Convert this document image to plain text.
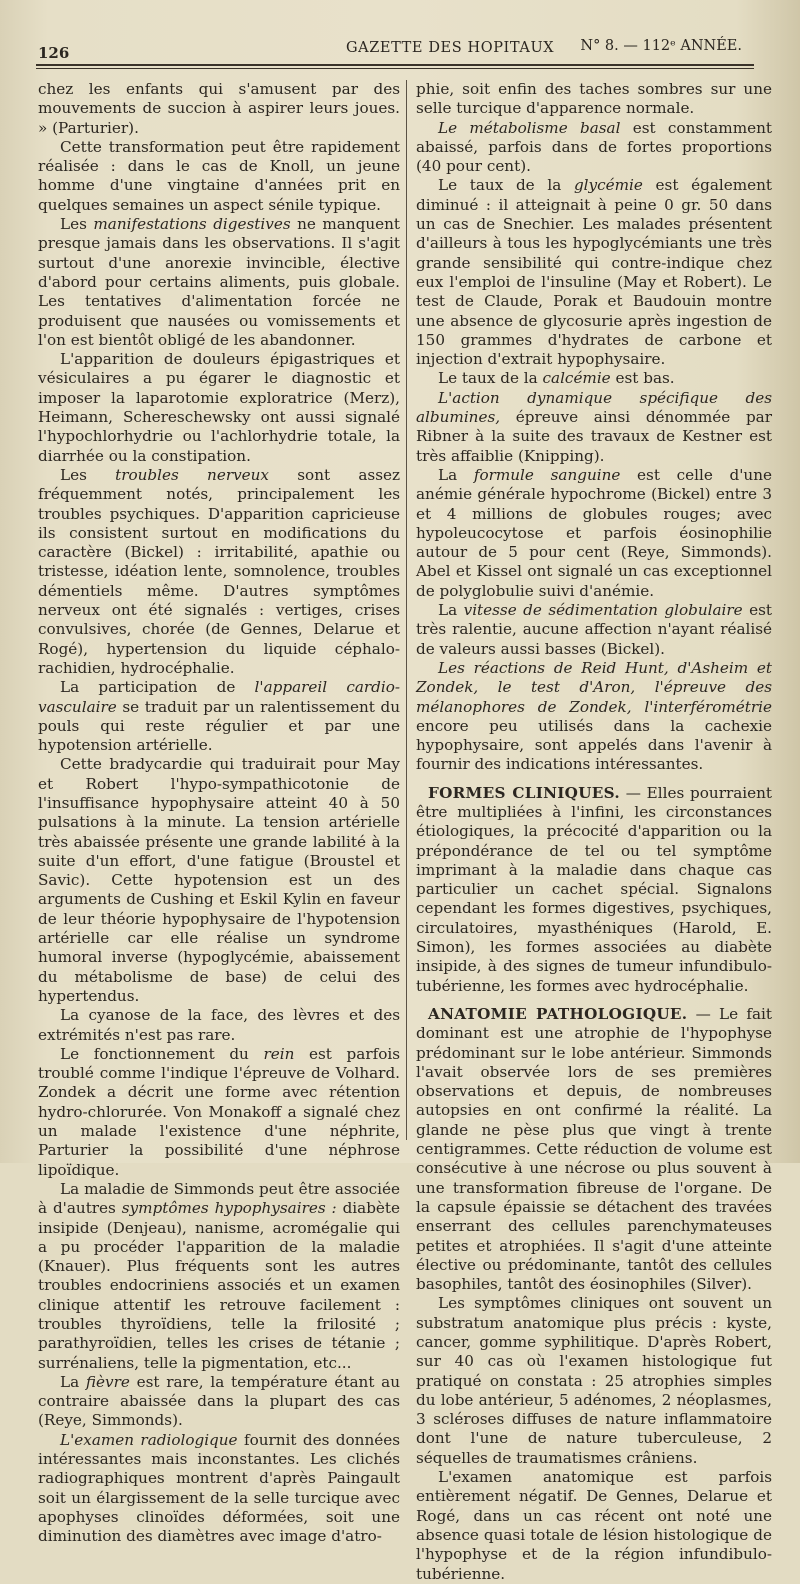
126	GAZETTE DES HOPITAUX N° 8. — 112ᵉ ANNÉE.

chez les enfants qui s'amusent par des mouvements de succion à aspirer leurs joues. » (Parturier).

Cette transformation peut être rapidement réalisée : dans le cas de Knoll, un jeune homme d'une vingtaine d'années prit en quelques semaines un aspect sénile typique.

Les manifestations digestives ne manquent presque jamais dans les observations. Il s'agit surtout d'une anorexie invincible, élective d'abord pour certains aliments, puis globale. Les tentatives d'alimentation forcée ne produisent que nausées ou vomissements et l'on est bientôt obligé de les abandonner.

L'apparition de douleurs épigastriques et vésiculaires a pu égarer le diagnostic et imposer la laparotomie exploratrice (Merz), Heimann, Schereschewsky ont aussi signalé l'hypochlorhydrie ou l'achlorhydrie totale, la diarrhée ou la constipation.

Les troubles nerveux sont assez fréquemment notés, principalement les troubles psychiques. D'apparition capricieuse ils consistent surtout en modifications du caractère (Bickel) : irritabilité, apathie ou tristesse, idéation lente, somnolence, troubles démentiels même. D'autres symptômes nerveux ont été signalés : vertiges, crises convulsives, chorée (de Gennes, Delarue et Rogé), hypertension du liquide céphalo-rachidien, hydrocéphalie.

La participation de l'appareil cardio-vasculaire se traduit par un ralentissement du pouls qui reste régulier et par une hypotension artérielle.

Cette bradycardie qui traduirait pour May et Robert l'hypo-sympathicotonie de l'insuffisance hypophysaire atteint 40 à 50 pulsations à la minute. La tension artérielle très abaissée présente une grande labilité à la suite d'un effort, d'une fatigue (Broustel et Savic). Cette hypotension est un des arguments de Cushing et Eskil Kylin en faveur de leur théorie hypophysaire de l'hypotension artérielle car elle réalise un syndrome humoral inverse (hypoglycémie, abaissement du métabolisme de base) de celui des hypertendus.

La cyanose de la face, des lèvres et des extrémités n'est pas rare.

Le fonctionnement du rein est parfois troublé comme l'indique l'épreuve de Volhard. Zondek a décrit une forme avec rétention hydro-chlorurée. Von Monakoff a signalé chez un malade l'existence d'une néphrite, Parturier la possibilité d'une néphrose lipoïdique.

La maladie de Simmonds peut être associée à d'autres symptômes hypophysaires : diabète insipide (Denjeau), nanisme, acromégalie qui a pu procéder l'apparition de la maladie (Knauer). Plus fréquents sont les autres troubles endocriniens associés et un examen clinique attentif les retrouve facilement : troubles thyroïdiens, telle la frilosité ; parathyroïdien, telles les crises de tétanie ; surrénaliens, telle la pigmentation, etc...

La fièvre est rare, la température étant au contraire abaissée dans la plupart des cas (Reye, Simmonds).

L'examen radiologique fournit des données intéressantes mais inconstantes. Les clichés radiographiques montrent d'après Paingault soit un élargissement de la selle turcique avec apophyses clinoïdes déformées, soit une diminution des diamètres avec image d'atro-

phie, soit enfin des taches sombres sur une selle turcique d'apparence normale.

Le métabolisme basal est constamment abaissé, parfois dans de fortes proportions (40 pour cent).

Le taux de la glycémie est également diminué : il atteignait à peine 0 gr. 50 dans un cas de Snechier. Les malades présentent d'ailleurs à tous les hypoglycémiants une très grande sensibilité qui contre-indique chez eux l'emploi de l'insuline (May et Robert). Le test de Claude, Porak et Baudouin montre une absence de glycosurie après ingestion de 150 grammes d'hydrates de carbone et injection d'extrait hypophysaire.

Le taux de la calcémie est bas.

L'action dynamique spécifique des albumines, épreuve ainsi dénommée par Ribner à la suite des travaux de Kestner est très affaiblie (Knipping).

La formule sanguine est celle d'une anémie générale hypochrome (Bickel) entre 3 et 4 millions de globules rouges; avec hypoleucocytose et parfois éosinophilie autour de 5 pour cent (Reye, Simmonds). Abel et Kissel ont signalé un cas exceptionnel de polyglobulie suivi d'anémie.

La vitesse de sédimentation globulaire est très ralentie, aucune affection n'ayant réalisé de valeurs aussi basses (Bickel).

Les réactions de Reid Hunt, d'Asheim et Zondek, le test d'Aron, l'épreuve des mélanophores de Zondek, l'interférométrie encore peu utilisés dans la cachexie hypophysaire, sont appelés dans l'avenir à fournir des indications intéressantes.

FORMES CLINIQUES. — Elles pourraient être multipliées à l'infini, les circonstances étiologiques, la précocité d'apparition ou la prépondérance de tel ou tel symptôme imprimant à la maladie dans chaque cas particulier un cachet spécial. Signalons cependant les formes digestives, psychiques, circulatoires, myasthéniques (Harold, E. Simon), les formes associées au diabète insipide, à des signes de tumeur infundibulo-tubérienne, les formes avec hydrocéphalie.

ANATOMIE PATHOLOGIQUE. — Le fait dominant est une atrophie de l'hypophyse prédominant sur le lobe antérieur. Simmonds l'avait observée lors de ses premières observations et depuis, de nombreuses autopsies en ont confirmé la réalité. La glande ne pèse plus que vingt à trente centigrammes. Cette réduction de volume est consécutive à une nécrose ou plus souvent à une transformation fibreuse de l'organe. De la capsule épaissie se détachent des travées enserrant des cellules parenchymateuses petites et atrophiées. Il s'agit d'une atteinte élective ou prédominante, tantôt des cellules basophiles, tantôt des éosinophiles (Silver).

Les symptômes cliniques ont souvent un substratum anatomique plus précis : kyste, cancer, gomme syphilitique. D'après Robert, sur 40 cas où l'examen histologique fut pratiqué on constata : 25 atrophies simples du lobe antérieur, 5 adénomes, 2 néoplasmes, 3 scléroses diffuses de nature inflammatoire dont l'une de nature tuberculeuse, 2 séquelles de traumatismes crâniens.

L'examen anatomique est parfois entièrement négatif. De Gennes, Delarue et Rogé, dans un cas récent ont noté une absence quasi totale de lésion histologique de l'hypophyse et de la région infundibulo-tubérienne.
